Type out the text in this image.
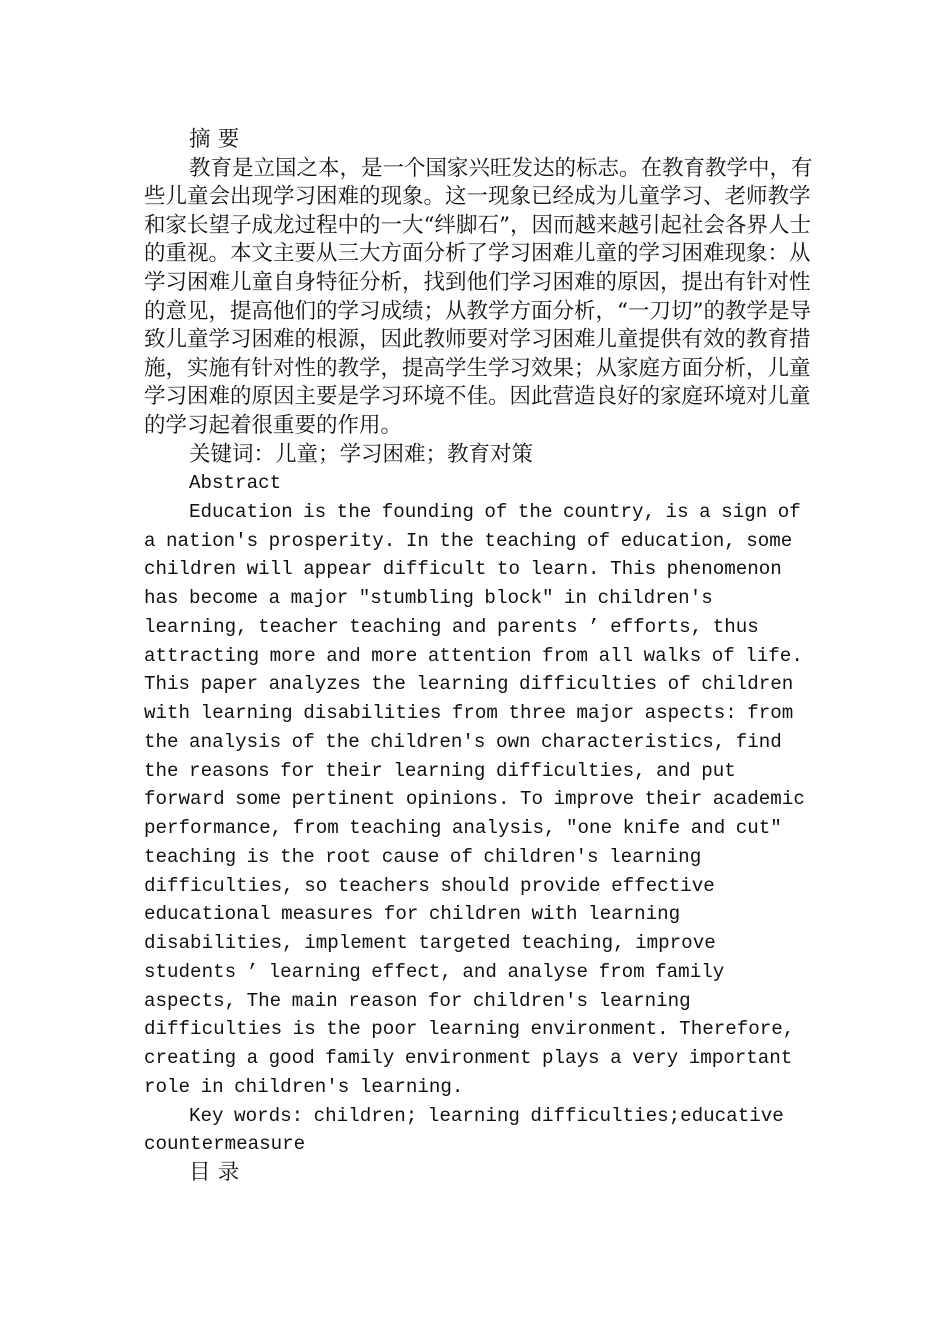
摘 要

教育是立国之本，是一个国家兴旺发达的标志。在教育教学中，有些儿童会出现学习困难的现象。这一现象已经成为儿童学习、老师教学和家长望子成龙过程中的一大“绊脚石”，因而越来越引起社会各界人士的重视。本文主要从三大方面分析了学习困难儿童的学习困难现象：从学习困难儿童自身特征分析，找到他们学习困难的原因，提出有针对性的意见，提高他们的学习成绩；从教学方面分析，“一刀切”的教学是导致儿童学习困难的根源，因此教师要对学习困难儿童提供有效的教育措施，实施有针对性的教学，提高学生学习效果；从家庭方面分析，儿童学习困难的原因主要是学习环境不佳。因此营造良好的家庭环境对儿童的学习起着很重要的作用。

关键词：儿童；学习困难；教育对策

Abstract

Education is the founding of the country, is a sign of a nation's prosperity. In the teaching of education, some children will appear difficult to learn. This phenomenon has become a major "stumbling block" in children's learning, teacher teaching and parents ’ efforts, thus attracting more and more attention from all walks of life. This paper analyzes the learning difficulties of children with learning disabilities from three major aspects: from the analysis of the children's own characteristics, find the reasons for their learning difficulties, and put forward some pertinent opinions. To improve their academic performance, from teaching analysis, "one knife and cut" teaching is the root cause of children's learning difficulties, so teachers should provide effective educational measures for children with learning disabilities, implement targeted teaching, improve students ’ learning effect, and analyse from family aspects, The main reason for children's learning difficulties is the poor learning environment. Therefore, creating a good family environment plays a very important role in children's learning.

Key words: children; learning difficulties;educative countermeasure

目 录
